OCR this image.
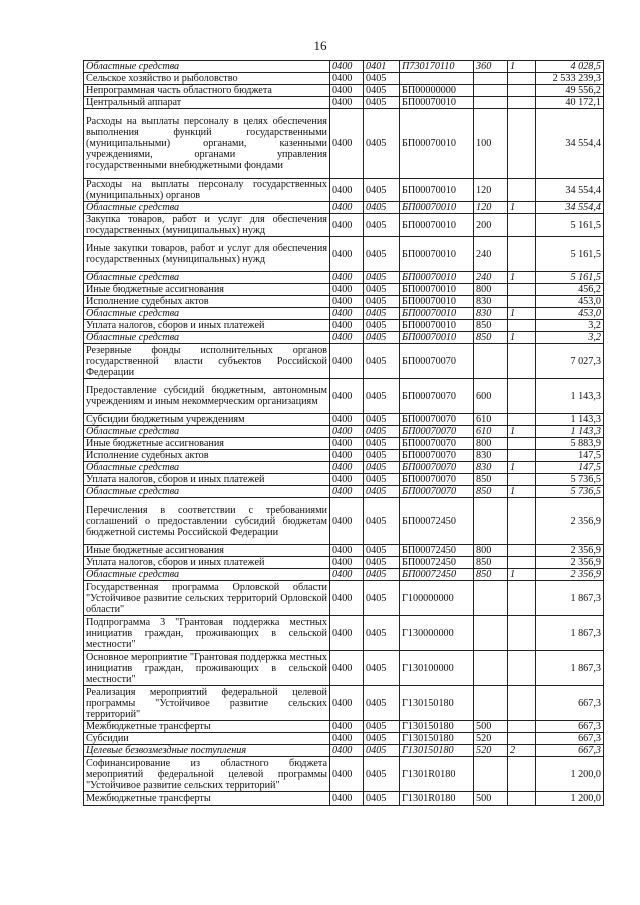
16
Областные средства	0400	0401	П730170110	360	1	4 028,5
Сельское хозяйство и рыболовство	0400	0405				2 533 239,3
Непрограммная часть областного бюджета	0400	0405	БП00000000			49 556,2
Центральный аппарат	0400	0405	БП00070010			40 172,1
Расходы на выплаты персоналу в целях обеспечения выполнения функций государственными (муниципальными) органами, казенными учреждениями, органами управления государственными внебюджетными фондами	0400	0405	БП00070010	100		34 554,4
Расходы на выплаты персоналу государственных (муниципальных) органов	0400	0405	БП00070010	120		34 554,4
Областные средства	0400	0405	БП00070010	120	1	34 554,4
Закупка товаров, работ и услуг для обеспечения государственных (муниципальных) нужд	0400	0405	БП00070010	200		5 161,5
Иные закупки товаров, работ и услуг для обеспечения государственных (муниципальных) нужд	0400	0405	БП00070010	240		5 161,5
Областные средства	0400	0405	БП00070010	240	1	5 161,5
Иные бюджетные ассигнования	0400	0405	БП00070010	800		456,2
Исполнение судебных актов	0400	0405	БП00070010	830		453,0
Областные средства	0400	0405	БП00070010	830	1	453,0
Уплата налогов, сборов и иных платежей	0400	0405	БП00070010	850		3,2
Областные средства	0400	0405	БП00070010	850	1	3,2
Резервные фонды исполнительных органов государственной власти субъектов Российской Федерации	0400	0405	БП00070070			7 027,3
Предоставление субсидий бюджетным, автономным учреждениям и иным некоммерческим организациям	0400	0405	БП00070070	600		1 143,3
Субсидии бюджетным учреждениям	0400	0405	БП00070070	610		1 143,3
Областные средства	0400	0405	БП00070070	610	1	1 143,3
Иные бюджетные ассигнования	0400	0405	БП00070070	800		5 883,9
Исполнение судебных актов	0400	0405	БП00070070	830		147,5
Областные средства	0400	0405	БП00070070	830	1	147,5
Уплата налогов, сборов и иных платежей	0400	0405	БП00070070	850		5 736,5
Областные средства	0400	0405	БП00070070	850	1	5 736,5
Перечисления в соответствии с требованиями соглашений о предоставлении субсидий бюджетам бюджетной системы Российской Федерации	0400	0405	БП00072450			2 356,9
Иные бюджетные ассигнования	0400	0405	БП00072450	800		2 356,9
Уплата налогов, сборов и иных платежей	0400	0405	БП00072450	850		2 356,9
Областные средства	0400	0405	БП00072450	850	1	2 356,9
Государственная программа Орловской области "Устойчивое развитие сельских территорий Орловской области"	0400	0405	Г100000000			1 867,3
Подпрограмма 3 "Грантовая поддержка местных инициатив граждан, проживающих в сельской местности"	0400	0405	Г130000000			1 867,3
Основное мероприятие "Грантовая поддержка местных инициатив граждан, проживающих в сельской местности"	0400	0405	Г130100000			1 867,3
Реализация мероприятий федеральной целевой программы "Устойчивое развитие сельских территорий"	0400	0405	Г130150180			667,3
Межбюджетные трансферты	0400	0405	Г130150180	500		667,3
Субсидии	0400	0405	Г130150180	520		667,3
Целевые безвозмездные поступления	0400	0405	Г130150180	520	2	667,3
Софинансирование из областного бюджета мероприятий федеральной целевой программы "Устойчивое развитие сельских территорий"	0400	0405	Г1301R0180			1 200,0
Межбюджетные трансферты	0400	0405	Г1301R0180	500		1 200,0
